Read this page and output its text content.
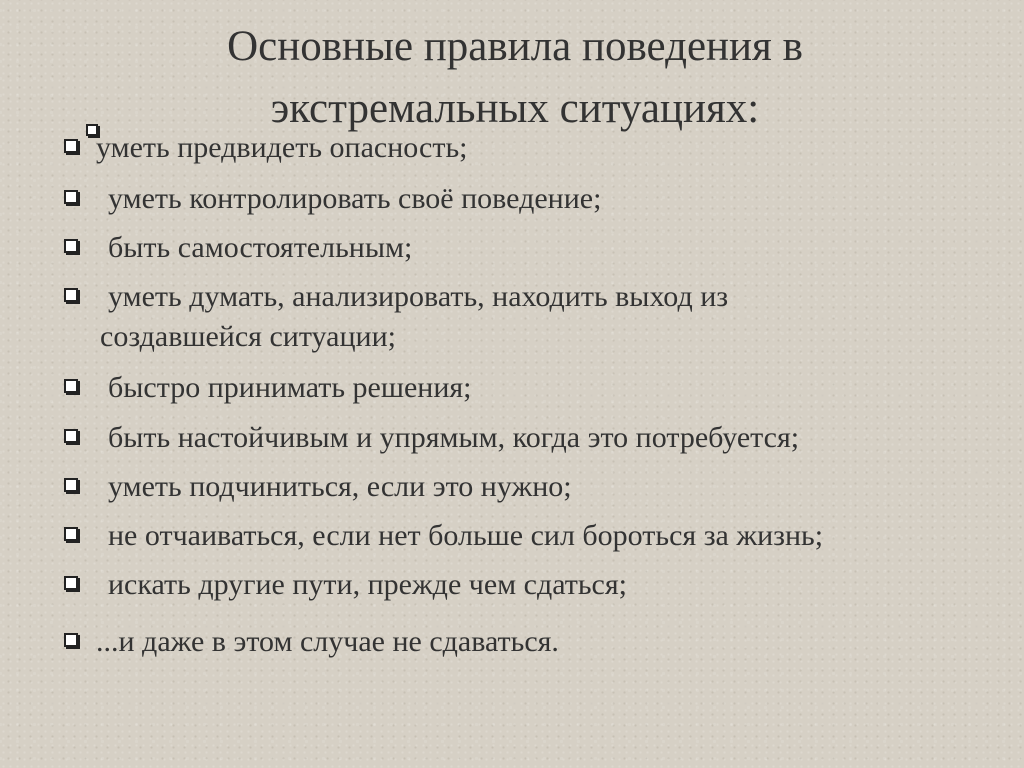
Основные правила поведения в
экстремальных ситуациях:
уметь предвидеть опасность;
уметь контролировать своё поведение;
быть самостоятельным;
уметь думать, анализировать, находить выход из
создавшейся ситуации;
быстро принимать решения;
быть настойчивым и упрямым, когда это потребуется;
уметь подчиниться, если это нужно;
не отчаиваться, если нет больше сил бороться за жизнь;
искать другие пути, прежде чем сдаться;
...и даже в этом случае не сдаваться.
